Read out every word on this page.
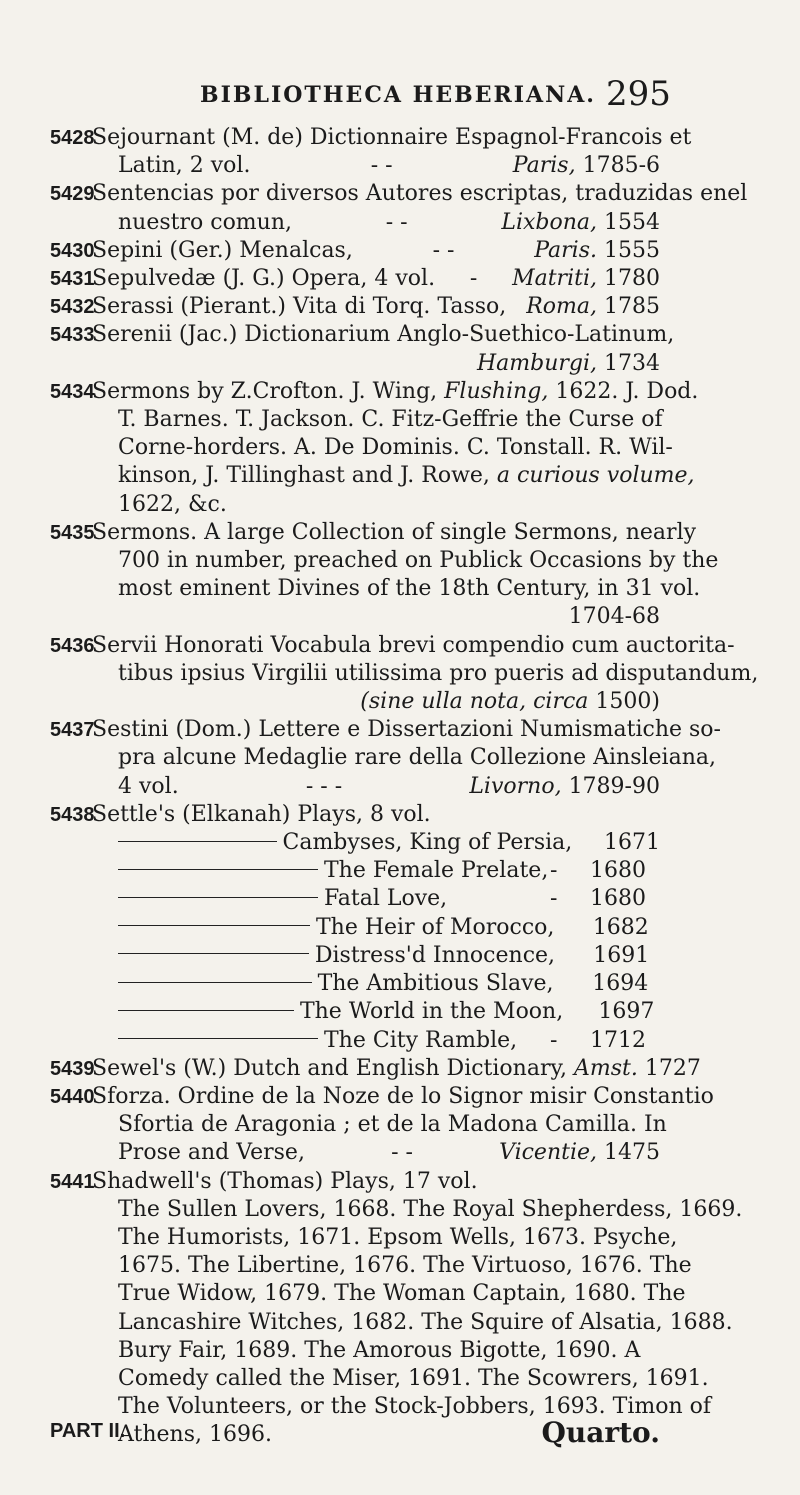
BIBLIOTHECA HEBERIANA. 295
5428
Sejournant (M. de) Dictionnaire Espagnol-Francois et
Latin, 2 vol.	- -	Paris, 1785-6
5429
Sentencias por diversos Autores escriptas, traduzidas enel
nuestro comun,	- -	Lixbona, 1554
5430
Sepini (Ger.) Menalcas,	- -	Paris. 1555
5431
Sepulvedæ (J. G.) Opera, 4 vol. - Matriti, 1780
5432
Serassi (Pierant.) Vita di Torq. Tasso, Roma, 1785
5433
Serenii (Jac.) Dictionarium Anglo-Suethico-Latinum,
Hamburgi, 1734
5434
Sermons by Z.Crofton. J. Wing, Flushing, 1622. J. Dod.
T. Barnes. T. Jackson. C. Fitz-Geffrie the Curse of
Corne-horders. A. De Dominis. C. Tonstall. R. Wil-
kinson, J. Tillinghast and J. Rowe, a curious volume,
1622, &c.
5435
Sermons. A large Collection of single Sermons, nearly
700 in number, preached on Publick Occasions by the
most eminent Divines of the 18th Century, in 31 vol.
1704-68
5436
Servii Honorati Vocabula brevi compendio cum auctorita-
tibus ipsius Virgilii utilissima pro pueris ad disputandum,
(sine ulla nota, circa 1500)
5437
Sestini (Dom.) Lettere e Dissertazioni Numismatiche so-
pra alcune Medaglie rare della Collezione Ainsleiana,
4 vol.	- - -	Livorno, 1789-90
5438
Settle's (Elkanah) Plays, 8 vol.
Cambyses, King of Persia, 1671
The Female Prelate, -	1680
Fatal Love,	-	1680
The Heir of Morocco, 1682
Distress'd Innocence, 1691
The Ambitious Slave, 1694
The World in the Moon, 1697
The City Ramble,	-	1712
5439
Sewel's (W.) Dutch and English Dictionary, Amst. 1727
5440
Sforza. Ordine de la Noze de lo Signor misir Constantio
Sfortia de Aragonia ; et de la Madona Camilla. In
Prose and Verse,	- -	Vicentie, 1475
5441
Shadwell's (Thomas) Plays, 17 vol.
The Sullen Lovers, 1668. The Royal Shepherdess, 1669.
The Humorists, 1671. Epsom Wells, 1673. Psyche,
1675. The Libertine, 1676. The Virtuoso, 1676. The
True Widow, 1679. The Woman Captain, 1680. The
Lancashire Witches, 1682. The Squire of Alsatia, 1688.
Bury Fair, 1689. The Amorous Bigotte, 1690. A
Comedy called the Miser, 1691. The Scowrers, 1691.
The Volunteers, or the Stock-Jobbers, 1693. Timon of
Athens, 1696.
PART II.	Quarto.
